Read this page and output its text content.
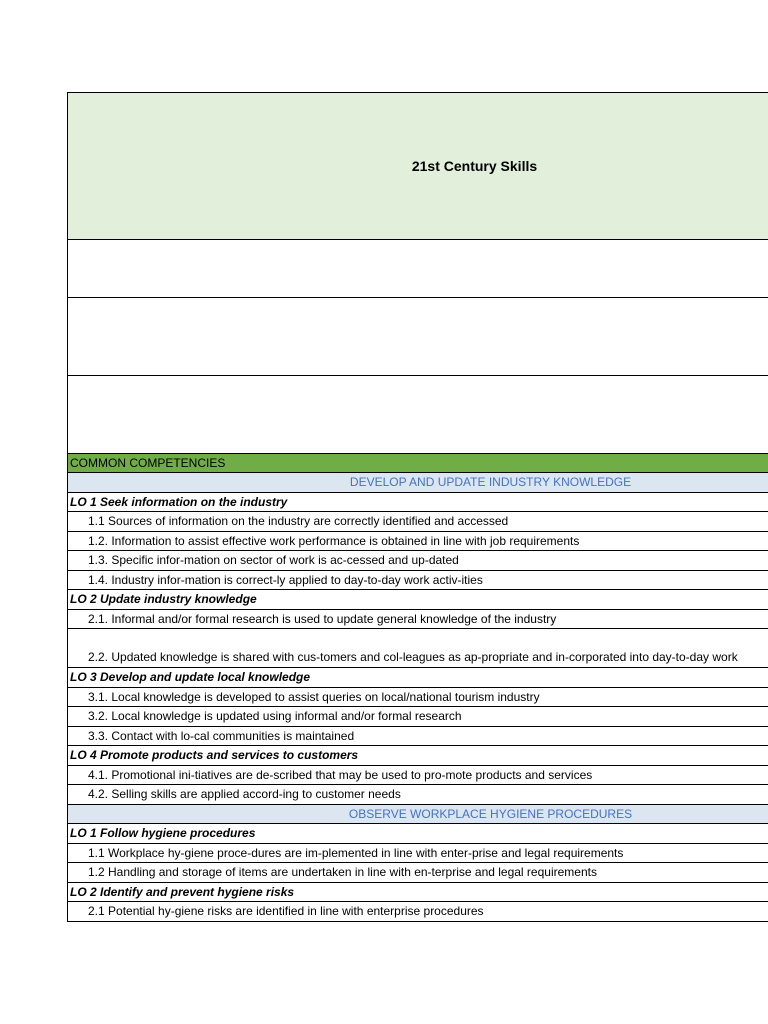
21st Century Skills
COMMON COMPETENCIES
DEVELOP AND UPDATE INDUSTRY KNOWLEDGE
LO 1 Seek information on the industry
1.1 Sources of information on the industry are correctly identified and accessed
1.2. Information to assist effective work performance is obtained in line with job requirements
1.3. Specific infor-mation on sector of work is ac-cessed and up-dated
1.4. Industry infor-mation is correct-ly applied to day-to-day work activ-ities
LO 2 Update industry knowledge
2.1. Informal and/or formal research is used to update general knowledge of the industry
2.2. Updated knowledge is shared with cus-tomers and col-leagues as ap-propriate and in-corporated into day-to-day work
LO 3 Develop and update local knowledge
3.1. Local knowledge is developed to assist queries on local/national tourism industry
3.2. Local knowledge is updated using informal and/or formal research
3.3. Contact with lo-cal communities is maintained
LO 4 Promote products and services to customers
4.1. Promotional ini-tiatives are de-scribed that may be used to pro-mote products and services
4.2. Selling skills are applied accord-ing to customer needs
OBSERVE WORKPLACE HYGIENE PROCEDURES
LO 1 Follow hygiene procedures
1.1 Workplace hy-giene proce-dures are im-plemented in line with enter-prise and legal requirements
1.2 Handling and storage of items are undertaken in line with en-terprise and legal requirements
LO 2 Identify and prevent hygiene risks
2.1 Potential hy-giene risks are identified in line with enterprise procedures
